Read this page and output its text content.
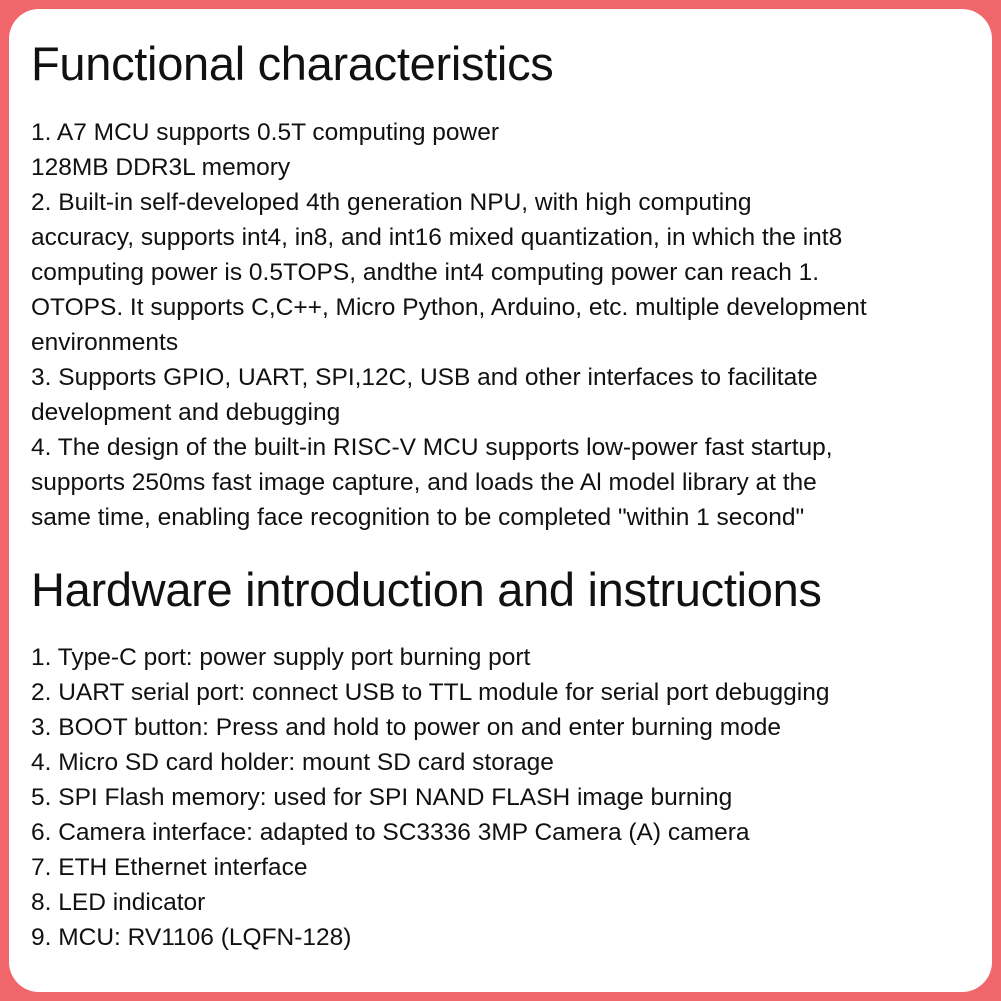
Functional characteristics
1. A7 MCU supports 0.5T computing power
128MB DDR3L memory
2. Built-in self-developed 4th generation NPU, with high computing
accuracy, supports int4, in8, and int16 mixed quantization, in which the int8
computing power is 0.5TOPS, andthe int4 computing power can reach 1.
OTOPS. It supports C,C++, Micro Python, Arduino, etc. multiple development
environments
3. Supports GPIO, UART, SPI,12C, USB and other interfaces to facilitate
development and debugging
4. The design of the built-in RISC-V MCU supports low-power fast startup,
supports 250ms fast image capture, and loads the Al model library at the
same time, enabling face recognition to be completed "within 1 second"
Hardware introduction and instructions
1. Type-C port: power supply port burning port
2. UART serial port: connect USB to TTL module for serial port debugging
3. BOOT button: Press and hold to power on and enter burning mode
4. Micro SD card holder: mount SD card storage
5. SPI Flash memory: used for SPI NAND FLASH image burning
6. Camera interface: adapted to SC3336 3MP Camera (A) camera
7. ETH Ethernet interface
8. LED indicator
9. MCU: RV1106 (LQFN-128)
